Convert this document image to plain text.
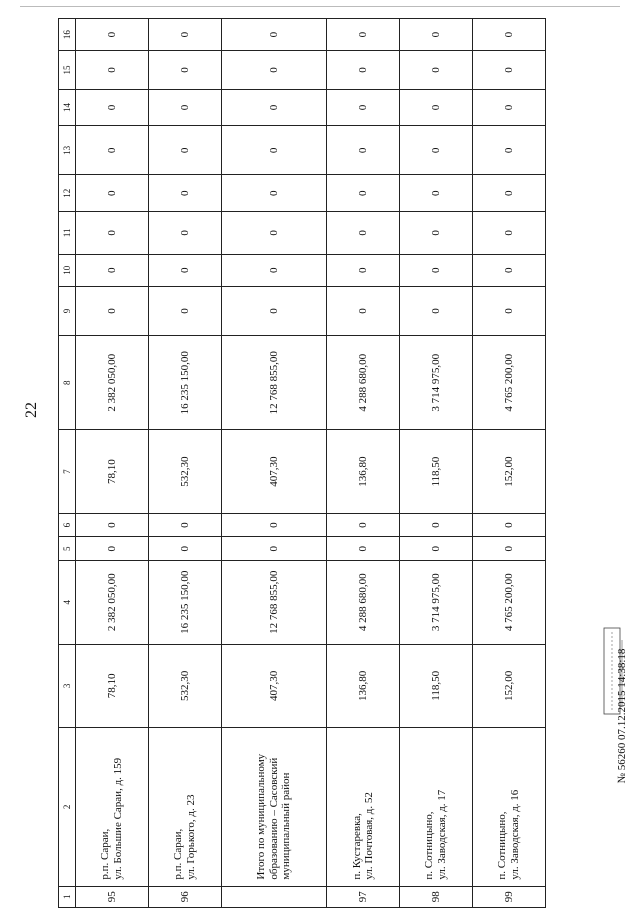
22
1	2	3	4	5	6	7	8	9	10	11	12	13	14	15	16
95	р.п. Сараи,
ул. Большие Сараи, д. 159	78,10	2 382 050,00	0	0	78,10	2 382 050,00	0	0	0	0	0	0	0	0
96	р.п. Сараи,
ул. Горького, д. 23	532,30	16 235 150,00	0	0	532,30	16 235 150,00	0	0	0	0	0	0	0	0
	Итого по муниципальному образованию – Сасовский муниципальный район	407,30	12 768 855,00	0	0	407,30	12 768 855,00	0	0	0	0	0	0	0	0
97	п. Кустаревка,
ул. Почтовая, д. 52	136,80	4 288 680,00	0	0	136,80	4 288 680,00	0	0	0	0	0	0	0	0
98	п. Сотницыно,
ул. Заводская, д. 17	118,50	3 714 975,00	0	0	118,50	3 714 975,00	0	0	0	0	0	0	0	0
99	п. Сотницыно,
ул. Заводская, д. 16	152,00	4 765 200,00	0	0	152,00	4 765 200,00	0	0	0	0	0	0	0	0
№ 56260 07.12.2015 14:38:18
